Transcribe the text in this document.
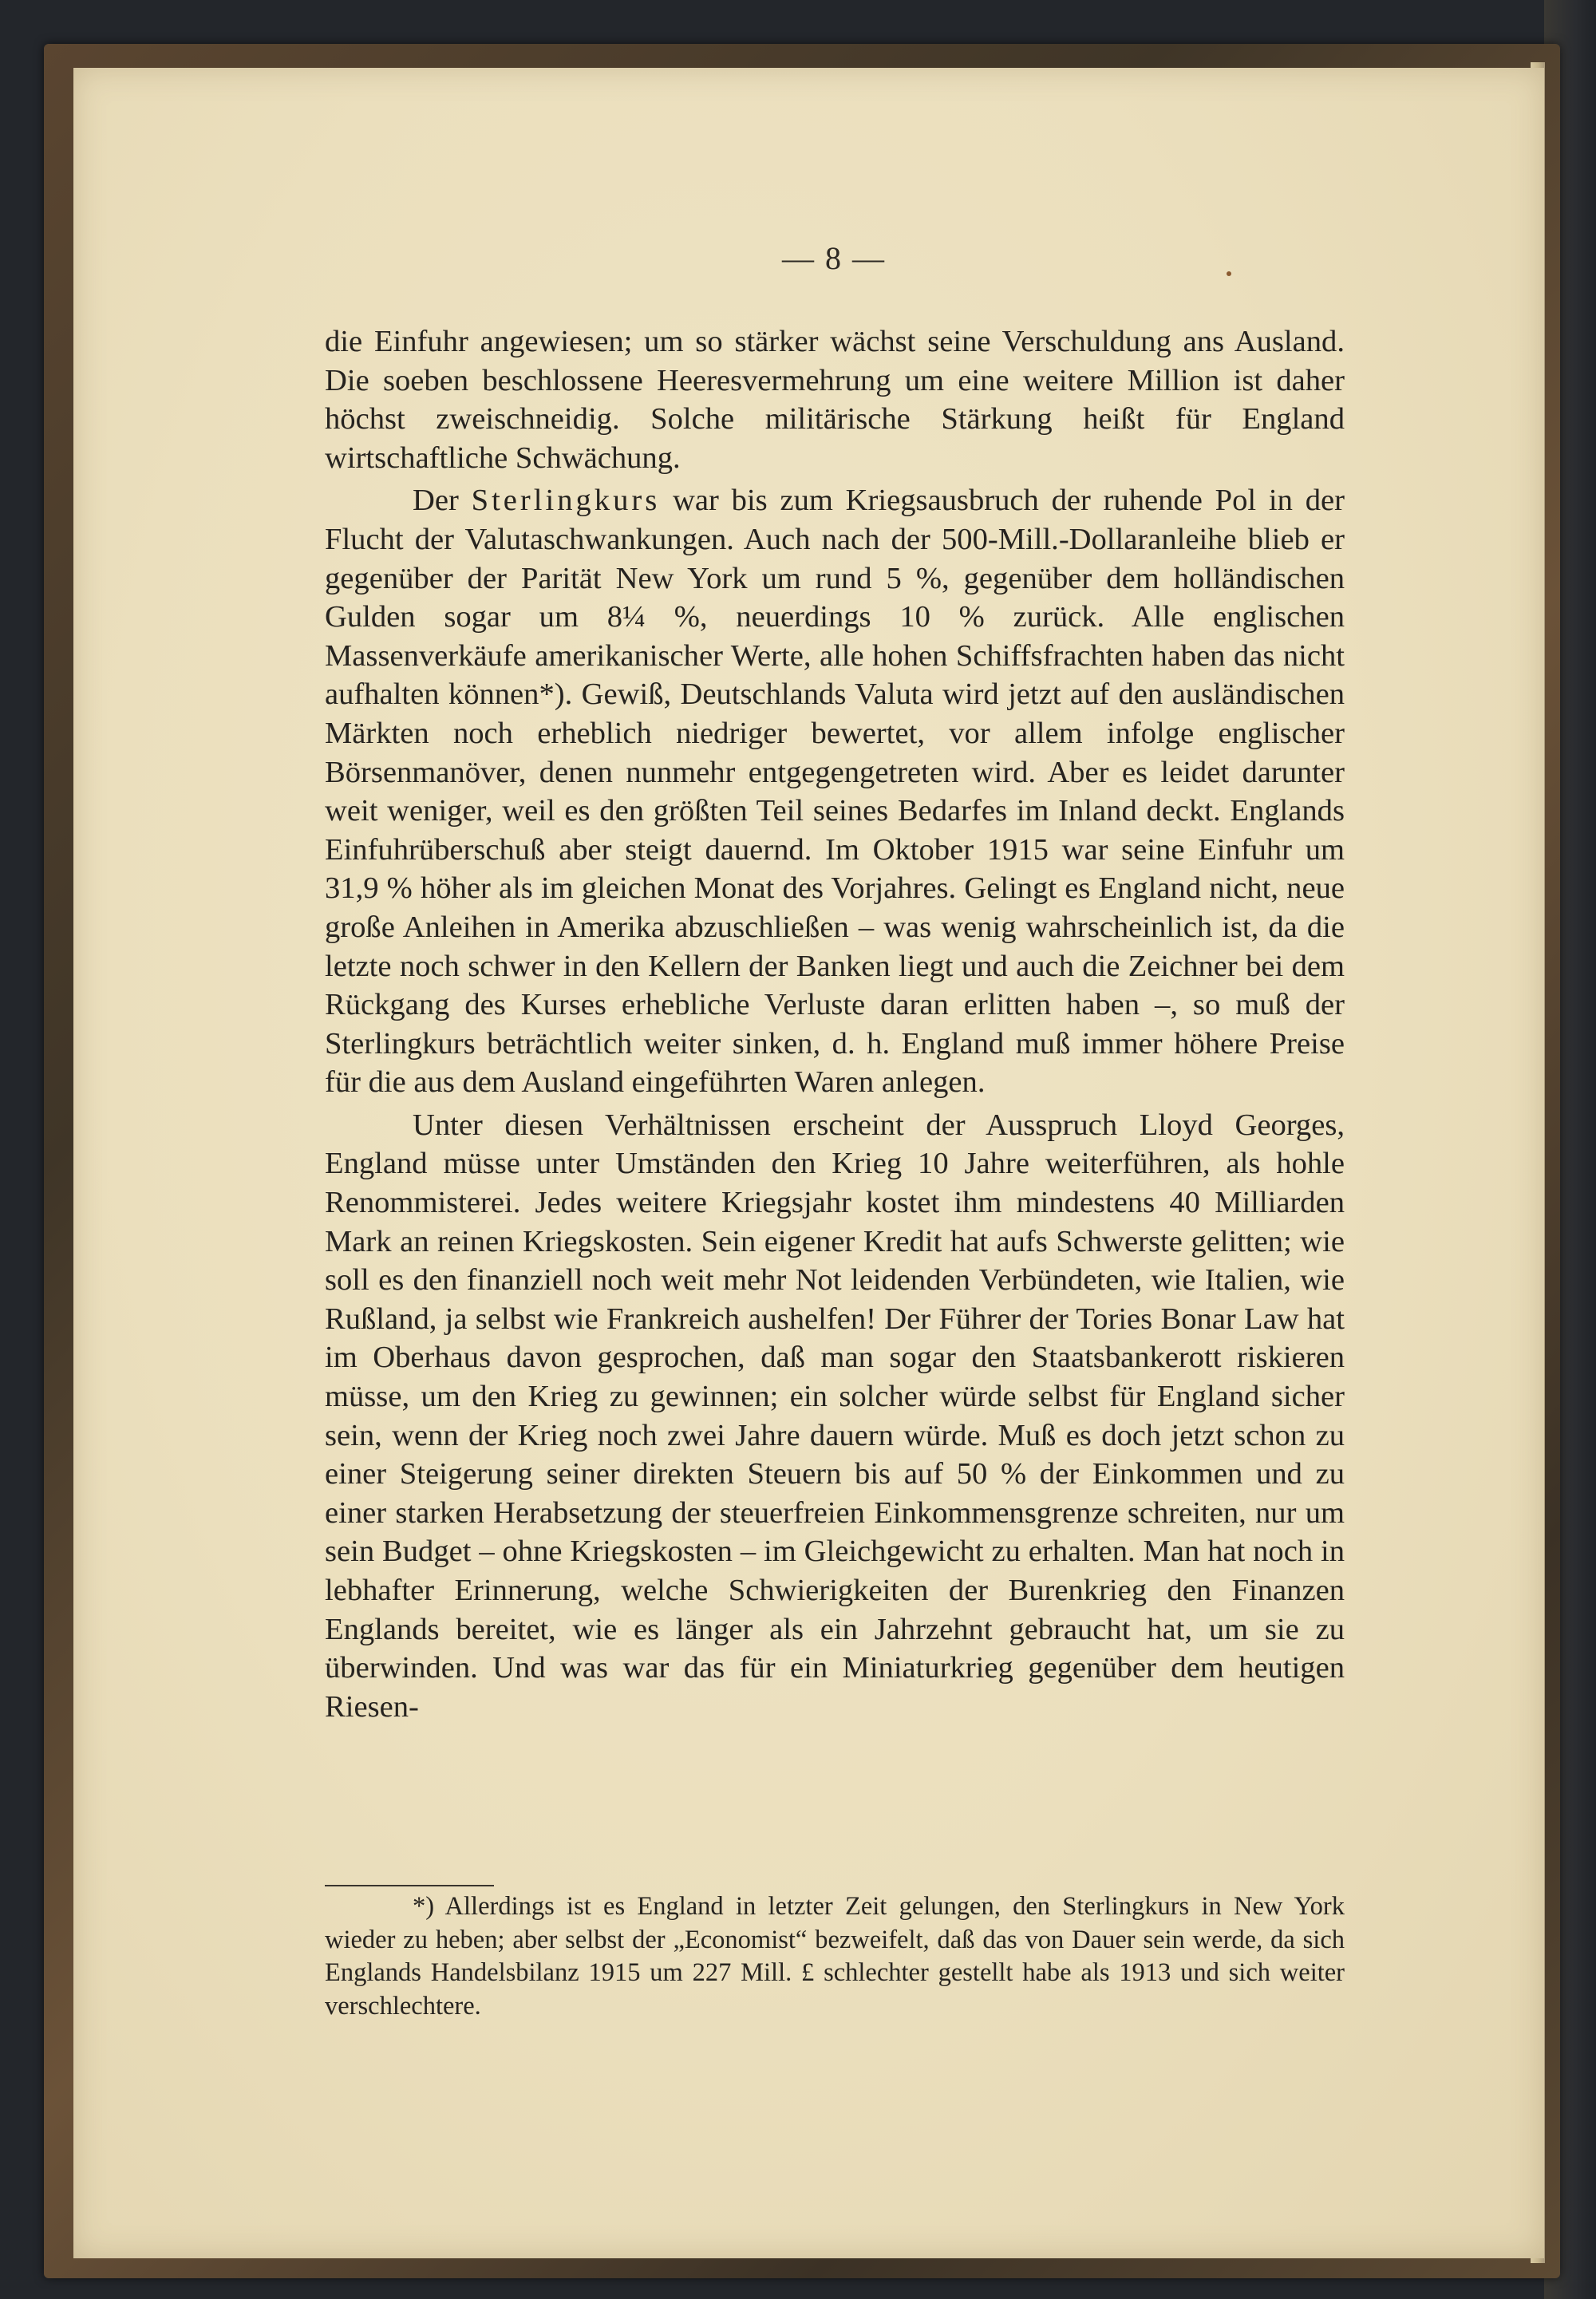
— 8 —

die Einfuhr angewiesen; um so stärker wächst seine Verschuldung ans Ausland. Die soeben beschlossene Heeresvermehrung um eine weitere Million ist daher höchst zweischneidig. Solche militärische Stärkung heißt für England wirtschaftliche Schwächung.

Der Sterlingkurs war bis zum Kriegsausbruch der ruhende Pol in der Flucht der Valutaschwankungen. Auch nach der 500-Mill.-Dollaranleihe blieb er gegenüber der Parität New York um rund 5 %, gegenüber dem holländischen Gulden sogar um 8¼ %, neuerdings 10 % zurück. Alle englischen Massenverkäufe amerikanischer Werte, alle hohen Schiffsfrachten haben das nicht aufhalten können*). Gewiß, Deutschlands Valuta wird jetzt auf den ausländischen Märkten noch erheblich niedriger bewertet, vor allem infolge englischer Börsenmanöver, denen nunmehr entgegengetreten wird. Aber es leidet darunter weit weniger, weil es den größten Teil seines Bedarfes im Inland deckt. Englands Einfuhrüberschuß aber steigt dauernd. Im Oktober 1915 war seine Einfuhr um 31,9 % höher als im gleichen Monat des Vorjahres. Gelingt es England nicht, neue große Anleihen in Amerika abzuschließen – was wenig wahrscheinlich ist, da die letzte noch schwer in den Kellern der Banken liegt und auch die Zeichner bei dem Rückgang des Kurses erhebliche Verluste daran erlitten haben –, so muß der Sterlingkurs beträchtlich weiter sinken, d. h. England muß immer höhere Preise für die aus dem Ausland eingeführten Waren anlegen.

Unter diesen Verhältnissen erscheint der Ausspruch Lloyd Georges, England müsse unter Umständen den Krieg 10 Jahre weiterführen, als hohle Renommisterei. Jedes weitere Kriegsjahr kostet ihm mindestens 40 Milliarden Mark an reinen Kriegskosten. Sein eigener Kredit hat aufs Schwerste gelitten; wie soll es den finanziell noch weit mehr Not leidenden Verbündeten, wie Italien, wie Rußland, ja selbst wie Frankreich aushelfen! Der Führer der Tories Bonar Law hat im Oberhaus davon gesprochen, daß man sogar den Staatsbankerott riskieren müsse, um den Krieg zu gewinnen; ein solcher würde selbst für England sicher sein, wenn der Krieg noch zwei Jahre dauern würde. Muß es doch jetzt schon zu einer Steigerung seiner direkten Steuern bis auf 50 % der Einkommen und zu einer starken Herabsetzung der steuerfreien Einkommensgrenze schreiten, nur um sein Budget – ohne Kriegskosten – im Gleichgewicht zu erhalten. Man hat noch in lebhafter Erinnerung, welche Schwierigkeiten der Burenkrieg den Finanzen Englands bereitet, wie es länger als ein Jahrzehnt gebraucht hat, um sie zu überwinden. Und was war das für ein Miniaturkrieg gegenüber dem heutigen Riesen-

*) Allerdings ist es England in letzter Zeit gelungen, den Sterlingkurs in New York wieder zu heben; aber selbst der „Economist“ bezweifelt, daß das von Dauer sein werde, da sich Englands Handelsbilanz 1915 um 227 Mill. £ schlechter gestellt habe als 1913 und sich weiter verschlechtere.
